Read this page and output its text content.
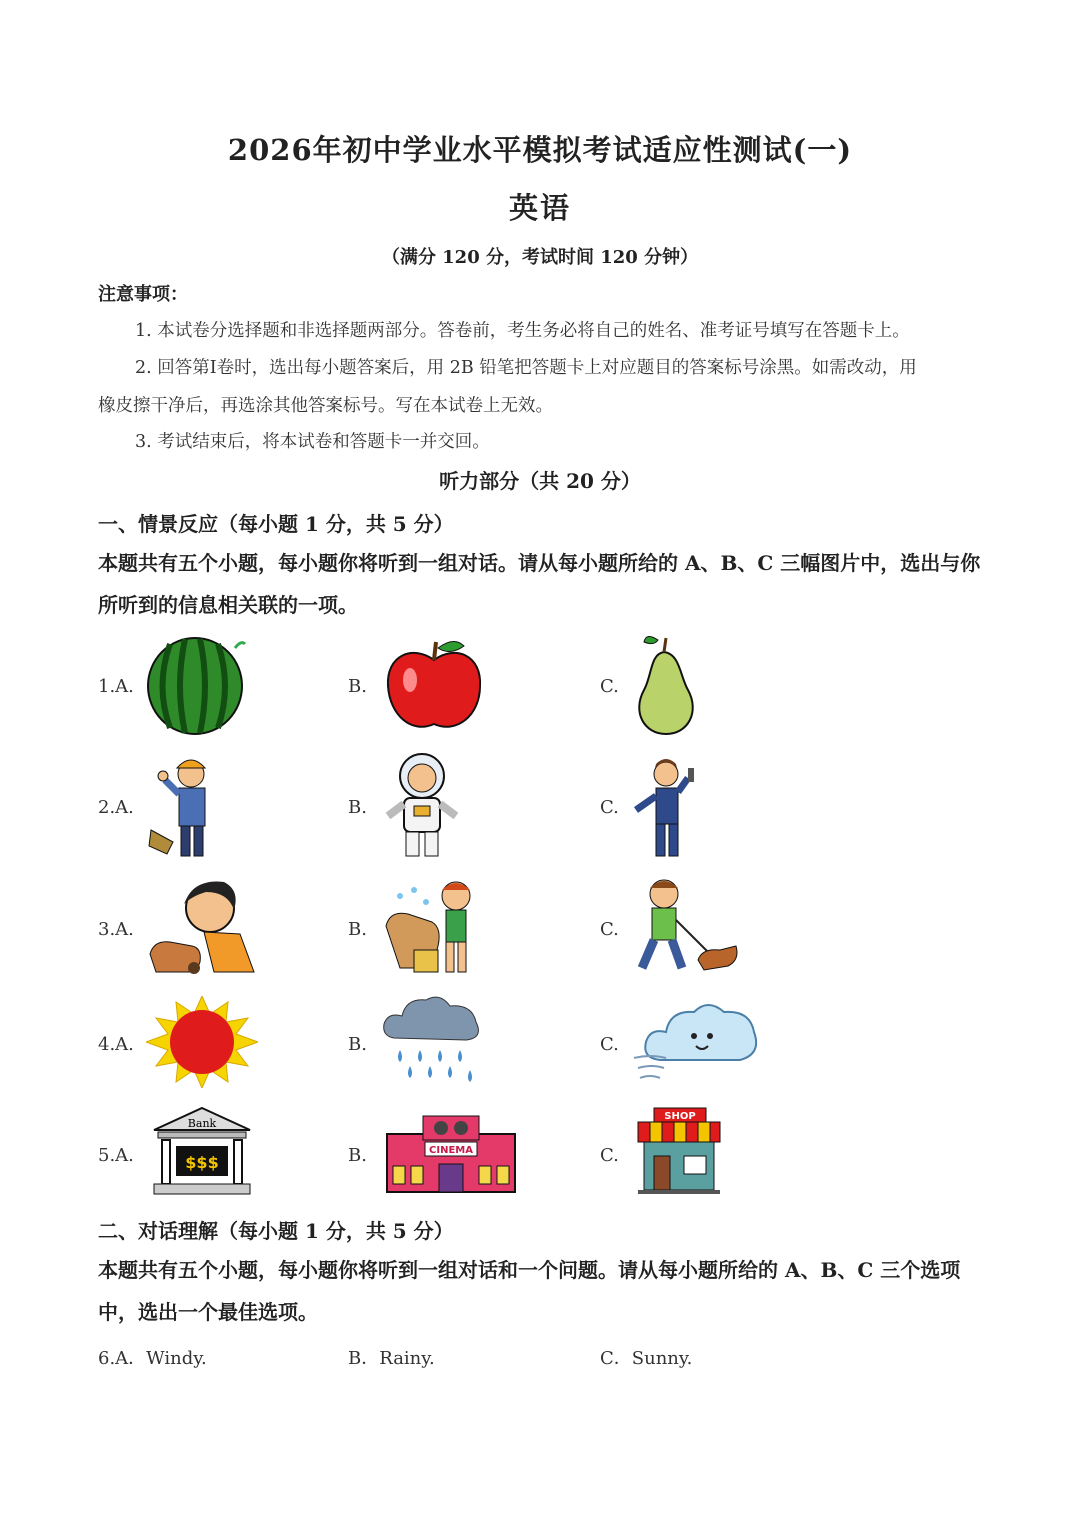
2026年初中学业水平模拟考试适应性测试(一)
英语
（满分 120 分，考试时间 120 分钟）
注意事项：
1. 本试卷分选择题和非选择题两部分。答卷前，考生务必将自己的姓名、准考证号填写在答题卡上。
2. 回答第I卷时，选出每小题答案后，用 2B 铅笔把答题卡上对应题目的答案标号涂黑。如需改动，用
橡皮擦干净后，再选涂其他答案标号。写在本试卷上无效。
3. 考试结束后，将本试卷和答题卡一并交回。
听力部分（共 20 分）
一、情景反应（每小题 1 分，共 5 分）
本题共有五个小题，每小题你将听到一组对话。请从每小题所给的 A、B、C 三幅图片中，选出与你所听到的信息相关联的一项。
1.A.	B.	C.
2.A.	B.	C.
3.A.	B.	C.
4.A.	B.	C.
5.A.	B.	C.
Bank
$$$
CINEMA
SHOP
二、对话理解（每小题 1 分，共 5 分）
本题共有五个小题，每小题你将听到一组对话和一个问题。请从每小题所给的 A、B、C 三个选项中，选出一个最佳选项。
6.A．Windy.	B．Rainy.	C．Sunny.
